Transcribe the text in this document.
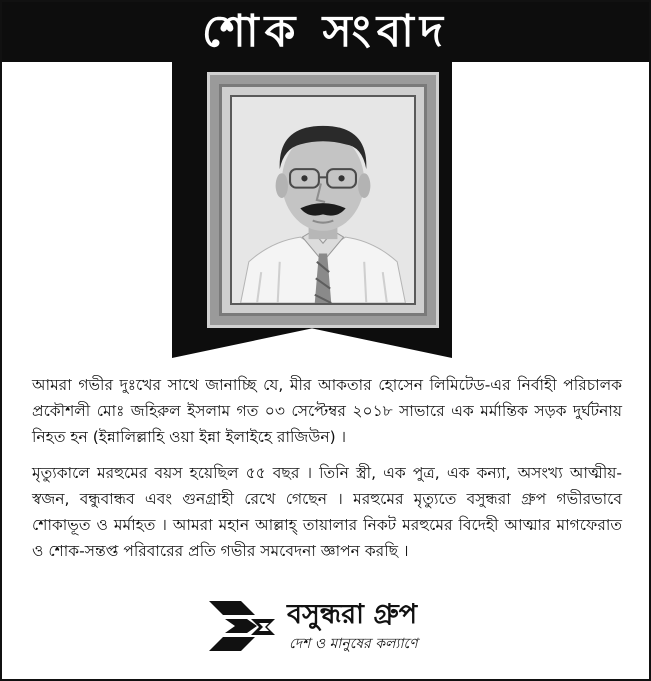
শোক সংবাদ

আমরা গভীর দুঃখের সাথে জানাচ্ছি যে, মীর আকতার হোসেন লিমিটেড-এর নির্বাহী পরিচালক প্রকৌশলী মোঃ জহিরুল ইসলাম গত ০৩ সেপ্টেম্বর ২০১৮ সাভারে এক মর্মান্তিক সড়ক দুর্ঘটনায় নিহত হন (ইন্নালিল্লাহি ওয়া ইন্না ইলাইহে রাজিউন) ।

মৃত্যুকালে মরহুমের বয়স হয়েছিল ৫৫ বছর । তিনি স্ত্রী, এক পুত্র, এক কন্যা, অসংখ্য আত্মীয়-স্বজন, বন্ধুবান্ধব এবং গুনগ্রাহী রেখে গেছেন । মরহুমের মৃত্যুতে বসুন্ধরা গ্রুপ গভীরভাবে শোকাভূত ও মর্মাহত । আমরা মহান আল্লাহ্ তায়ালার নিকট মরহুমের বিদেহী আত্মার মাগফেরাত ও শোক-সন্তপ্ত পরিবারের প্রতি গভীর সমবেদনা জ্ঞাপন করছি ।

বসুন্ধরা গ্রুপ
দেশ ও মানুষের কল্যাণে
